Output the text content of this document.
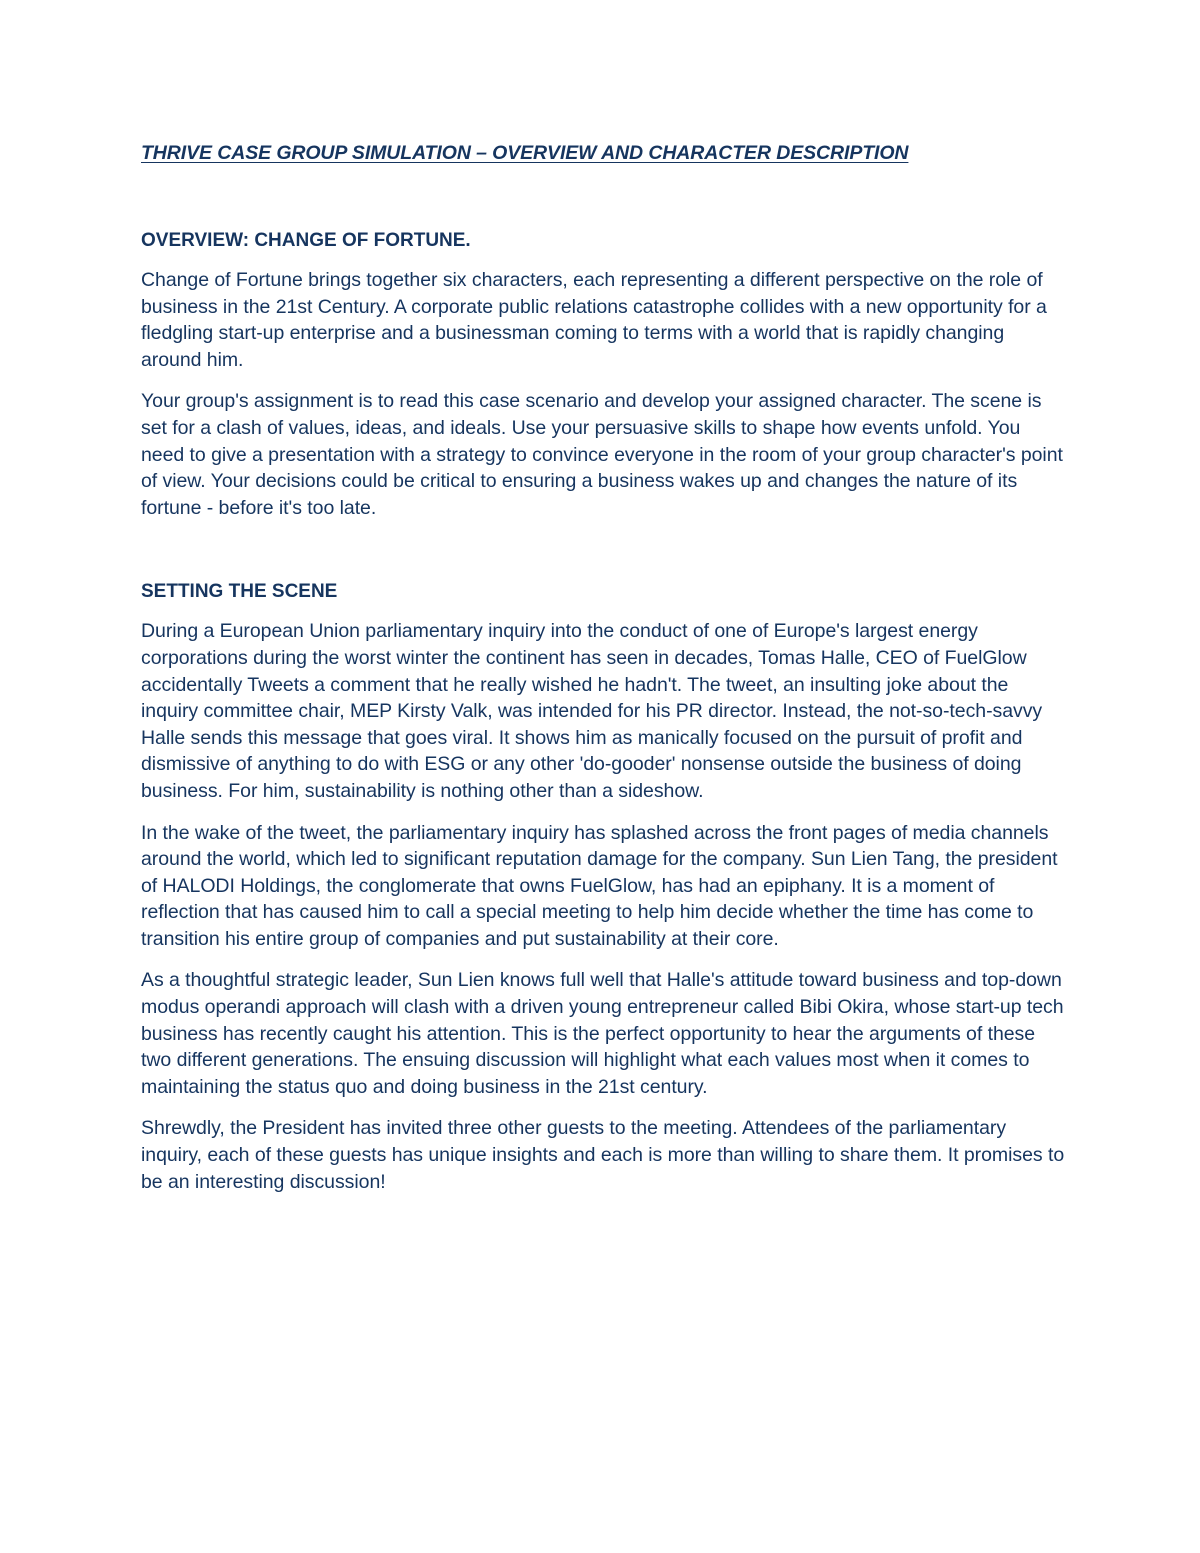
THRIVE CASE GROUP SIMULATION – OVERVIEW AND CHARACTER DESCRIPTION
OVERVIEW: CHANGE OF FORTUNE.

Change of Fortune brings together six characters, each representing a different perspective on the role of business in the 21st Century. A corporate public relations catastrophe collides with a new opportunity for a fledgling start-up enterprise and a businessman coming to terms with a world that is rapidly changing around him.

Your group's assignment is to read this case scenario and develop your assigned character. The scene is set for a clash of values, ideas, and ideals. Use your persuasive skills to shape how events unfold. You need to give a presentation with a strategy to convince everyone in the room of your group character's point of view. Your decisions could be critical to ensuring a business wakes up and changes the nature of its fortune - before it's too late.

SETTING THE SCENE

During a European Union parliamentary inquiry into the conduct of one of Europe's largest energy corporations during the worst winter the continent has seen in decades, Tomas Halle, CEO of FuelGlow accidentally Tweets a comment that he really wished he hadn't. The tweet, an insulting joke about the inquiry committee chair, MEP Kirsty Valk, was intended for his PR director. Instead, the not-so-tech-savvy Halle sends this message that goes viral. It shows him as manically focused on the pursuit of profit and dismissive of anything to do with ESG or any other 'do-gooder' nonsense outside the business of doing business. For him, sustainability is nothing other than a sideshow.

In the wake of the tweet, the parliamentary inquiry has splashed across the front pages of media channels around the world, which led to significant reputation damage for the company. Sun Lien Tang, the president of HALODI Holdings, the conglomerate that owns FuelGlow, has had an epiphany. It is a moment of reflection that has caused him to call a special meeting to help him decide whether the time has come to transition his entire group of companies and put sustainability at their core.

As a thoughtful strategic leader, Sun Lien knows full well that Halle's attitude toward business and top-down modus operandi approach will clash with a driven young entrepreneur called Bibi Okira, whose start-up tech business has recently caught his attention. This is the perfect opportunity to hear the arguments of these two different generations. The ensuing discussion will highlight what each values most when it comes to maintaining the status quo and doing business in the 21st century.

Shrewdly, the President has invited three other guests to the meeting. Attendees of the parliamentary inquiry, each of these guests has unique insights and each is more than willing to share them. It promises to be an interesting discussion!
